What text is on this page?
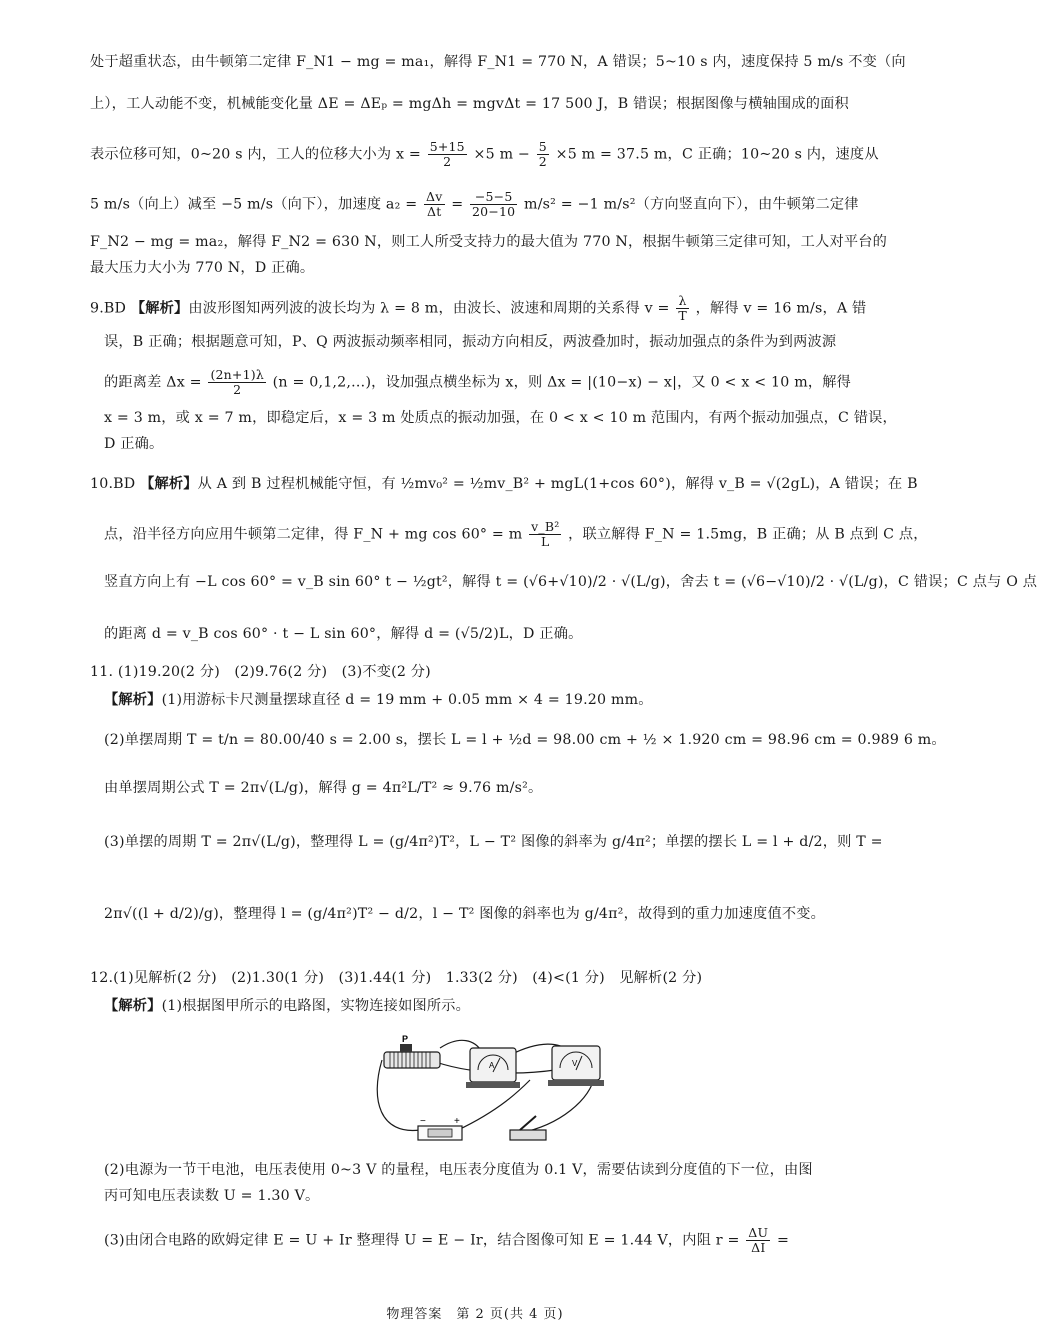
处于超重状态，由牛顿第二定律 F_N1 − mg = ma₁，解得 F_N1 = 770 N，A 错误；5~10 s 内，速度保持 5 m/s 不变（向
上），工人动能不变，机械能变化量 ΔE = ΔEₚ = mgΔh = mgvΔt = 17 500 J，B 错误；根据图像与横轴围成的面积
表示位移可知，0~20 s 内，工人的位移大小为 $x = \frac{5+15}{2} \times 5$ $m - \frac{5}{2} \times 5$ m = 37.5 m，C 正确；10~20 s 内，速度从
5 m/s（向上）减至 −5 m/s（向下），加速度 $a_2 = \frac{\Delta v}{\Delta t} = \frac{-5-5}{20-10} m/s^2 = -1$ m/s²（方向竖直向下），由牛顿第二定律
F_N2 − mg = ma₂，解得 F_N2 = 630 N，则工人所受支持力的最大值为 770 N，根据牛顿第三定律可知，工人对平台的
最大压力大小为 770 N，D 正确。
9.BD 【解析】由波形图知两列波的波长均为 λ = 8 m，由波长、波速和周期的关系得 $v = \frac{\lambda}{T}$ ，解得 v = 16 m/s，A 错
误，B 正确；根据题意可知，P、Q 两波振动频率相同，振动方向相反，两波叠加时，振动加强点的条件为到两波源
的距离差 $\Delta x = \frac{(2n+1)\lambda}{2} (n$ = 0,1,2,…)，设加强点横坐标为 x，则 Δx = |(10−x) − x|，又 0 < x < 10 m，解得
x = 3 m，或 x = 7 m，即稳定后，x = 3 m 处质点的振动加强，在 0 < x < 10 m 范围内，有两个振动加强点，C 错误，
D 正确。
10.BD 【解析】从 A 到 B 过程机械能守恒，有 ½mv₀² = ½mv_B² + mgL(1+cos 60°)，解得 v_B = √(2gL)，A 错误；在 B
点，沿半径方向应用牛顿第二定律，得 F_N + mg cos 60° = m $\frac{\text{v\_B²}}{L}$ ，联立解得 F_N = 1.5mg，B 正确；从 B 点到 C 点，
竖直方向上有 −L cos 60° = v_B sin 60° t − ½gt²，解得 t = (√6+√10)/2 · √(L/g)，舍去 t = (√6−√10)/2 · √(L/g)，C 错误；C 点与 O 点
的距离 d = v_B cos 60° · t − L sin 60°，解得 d = (√5/2)L，D 正确。
11. (1)19.20(2 分)　(2)9.76(2 分)　(3)不变(2 分)
【解析】(1)用游标卡尺测量摆球直径 d = 19 mm + 0.05 mm × 4 = 19.20 mm。
(2)单摆周期 T = t/n = 80.00/40 s = 2.00 s，摆长 L = l + ½d = 98.00 cm + ½ × 1.920 cm = 98.96 cm = 0.989 6 m。
由单摆周期公式 T = 2π√(L/g)，解得 g = 4π²L/T² ≈ 9.76 m/s²。
(3)单摆的周期 T = 2π√(L/g)，整理得 L = (g/4π²)T²，L − T² 图像的斜率为 g/4π²；单摆的摆长 L = l + d/2，则 T =
2π√((l + d/2)/g)，整理得 l = (g/4π²)T² − d/2，l − T² 图像的斜率也为 g/4π²，故得到的重力加速度值不变。
12.(1)见解析(2 分)　(2)1.30(1 分)　(3)1.44(1 分)　1.33(2 分)　(4)<(1 分)　见解析(2 分)
【解析】(1)根据图甲所示的电路图，实物连接如图所示。
P
A	V
−	+
(2)电源为一节干电池，电压表使用 0~3 V 的量程，电压表分度值为 0.1 V，需要估读到分度值的下一位，由图
丙可知电压表读数 U = 1.30 V。
(3)由闭合电路的欧姆定律 E = U + Ir 整理得 U = E − Ir，结合图像可知 E = 1.44 V，内阻 $r = \frac{\Delta U}{\Delta I}$ =
物理答案　第 2 页(共 4 页)
